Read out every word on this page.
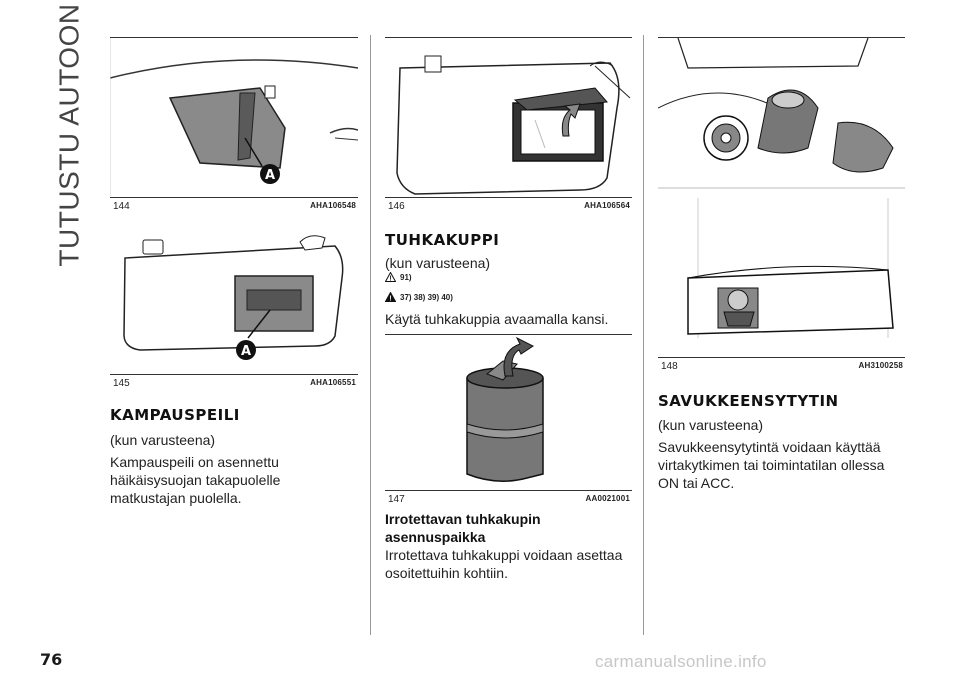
TUTUSTU AUTOON	A
144	AHA106548
A
145	AHA106551
KAMPAUSPEILI
(kun varusteena)
Kampauspeili on asennettu
häikäisysuojan takapuolelle
matkustajan puolella.
146	AHA106564
TUHKAKUPPI
(kun varusteena)
! 91)
! 37) 38) 39) 40)
Käytä tuhkakuppia avaamalla kansi.
147	AA0021001
Irrotettavan tuhkakupin
asennuspaikka
Irrotettava tuhkakuppi voidaan asettaa
osoitettuihin kohtiin.
148	AH3100258
SAVUKKEENSYTYTIN
(kun varusteena)
Savukkeensytytintä voidaan käyttää
virtakytkimen tai toimintatilan ollessa
ON tai ACC.
76	carmanualsonline.info
